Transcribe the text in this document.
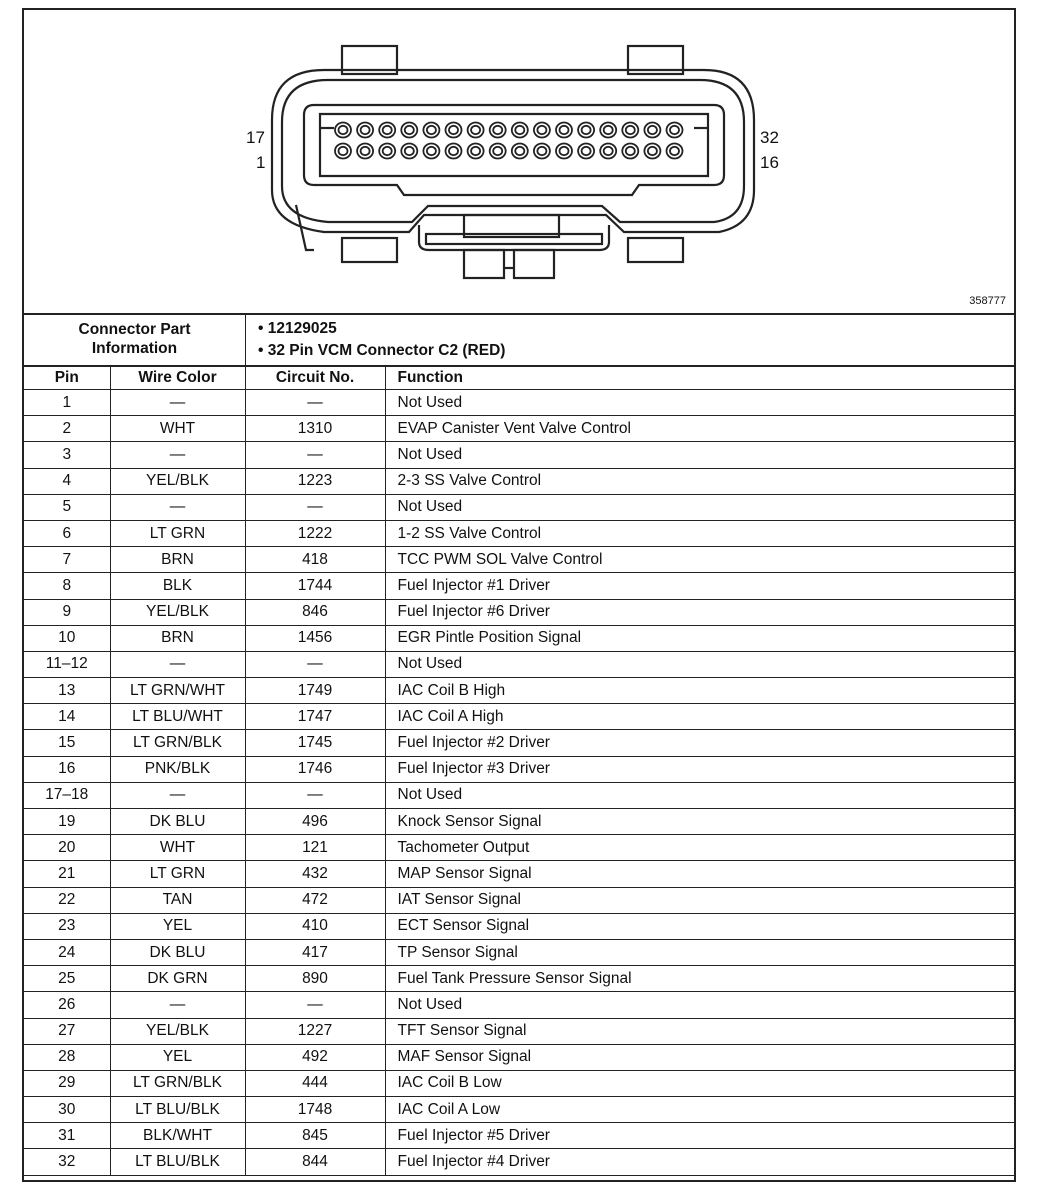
17
1
32
16
358777
Connector Part
Information
• 12129025
• 32 Pin VCM Connector C2 (RED)
Pin	Wire Color	Circuit No.	Function
1	—	—	Not Used
2	WHT	1310	EVAP Canister Vent Valve Control
3	—	—	Not Used
4	YEL/BLK	1223	2-3 SS Valve Control
5	—	—	Not Used
6	LT GRN	1222	1-2 SS Valve Control
7	BRN	418	TCC PWM SOL Valve Control
8	BLK	1744	Fuel Injector #1 Driver
9	YEL/BLK	846	Fuel Injector #6 Driver
10	BRN	1456	EGR Pintle Position Signal
11–12	—	—	Not Used
13	LT GRN/WHT	1749	IAC Coil B High
14	LT BLU/WHT	1747	IAC Coil A High
15	LT GRN/BLK	1745	Fuel Injector #2 Driver
16	PNK/BLK	1746	Fuel Injector #3 Driver
17–18	—	—	Not Used
19	DK BLU	496	Knock Sensor Signal
20	WHT	121	Tachometer Output
21	LT GRN	432	MAP Sensor Signal
22	TAN	472	IAT Sensor Signal
23	YEL	410	ECT Sensor Signal
24	DK BLU	417	TP Sensor Signal
25	DK GRN	890	Fuel Tank Pressure Sensor Signal
26	—	—	Not Used
27	YEL/BLK	1227	TFT Sensor Signal
28	YEL	492	MAF Sensor Signal
29	LT GRN/BLK	444	IAC Coil B Low
30	LT BLU/BLK	1748	IAC Coil A Low
31	BLK/WHT	845	Fuel Injector #5 Driver
32	LT BLU/BLK	844	Fuel Injector #4 Driver
